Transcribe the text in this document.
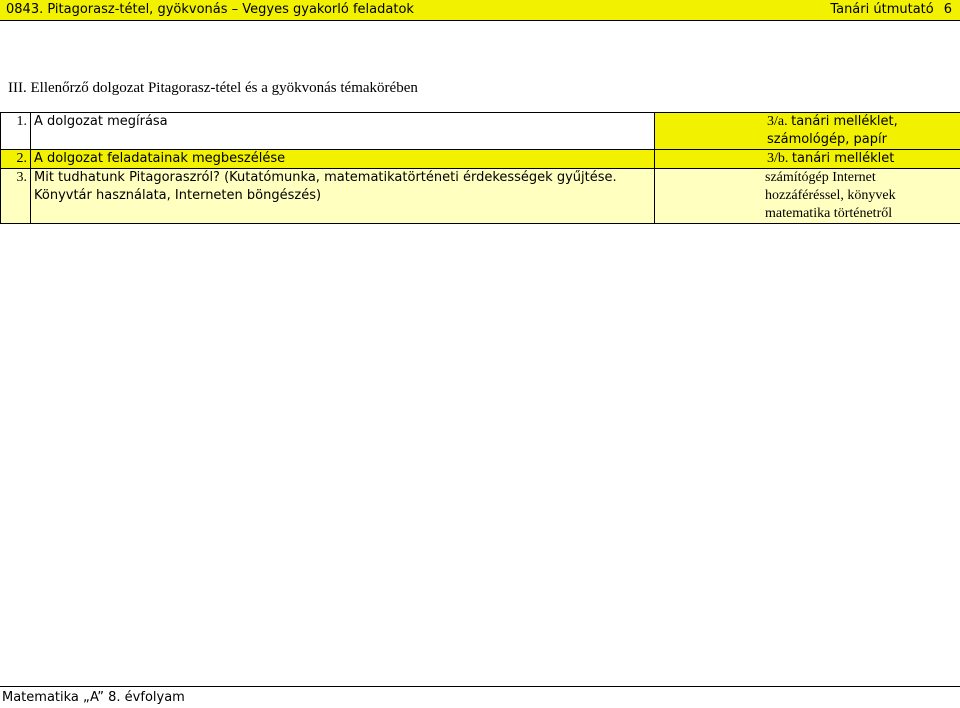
0843. Pitagorasz-tétel, gyökvonás – Vegyes gyakorló feladatok	Tanári útmutató 6
III. Ellenőrző dolgozat Pitagorasz-tétel és a gyökvonás témakörében
1.	A dolgozat megírása	3/a. tanári melléklet,
számológép, papír

2.	A dolgozat feladatainak megbeszélése	3/b. tanári melléklet

3.	Mit tudhatunk Pitagoraszról? (Kutatómunka, matematikatörténeti érdekességek gyűjtése.
Könyvtár használata, Interneten böngészés)	számítógép Internet
hozzáféréssel, könyvek
matematika történetről
Matematika „A” 8. évfolyam
